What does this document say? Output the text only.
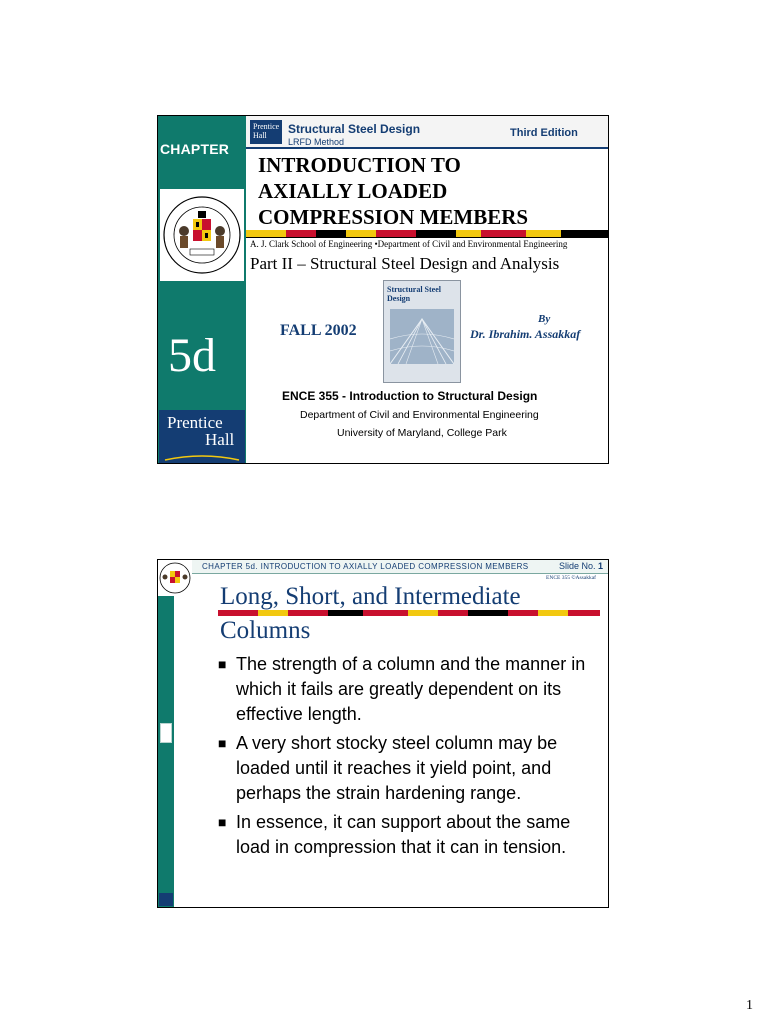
CHAPTER
5d
Prentice
Hall
Prentice
Hall	Structural Steel Design
LRFD Method
Third Edition
INTRODUCTION TO
AXIALLY LOADED
COMPRESSION MEMBERS
A. J. Clark School of Engineering •Department of Civil and Environmental Engineering
Part II – Structural Steel Design and Analysis
FALL 2002
Structural Steel Design
By
Dr. Ibrahim. Assakkaf
ENCE 355 - Introduction to Structural Design
Department of Civil and Environmental Engineering
University of Maryland, College Park
CHAPTER 5d. INTRODUCTION TO AXIALLY LOADED COMPRESSION MEMBERS	Slide No. 1
ENCE 355 ©Assakkaf
Long, Short, and Intermediate
Columns
■ The strength of a column and the manner in which it fails are greatly dependent on its effective length.
■ A very short stocky steel column may be loaded until it reaches it yield point, and perhaps the strain hardening range.
■ In essence, it can support about the same load in compression that it can in tension.
1
